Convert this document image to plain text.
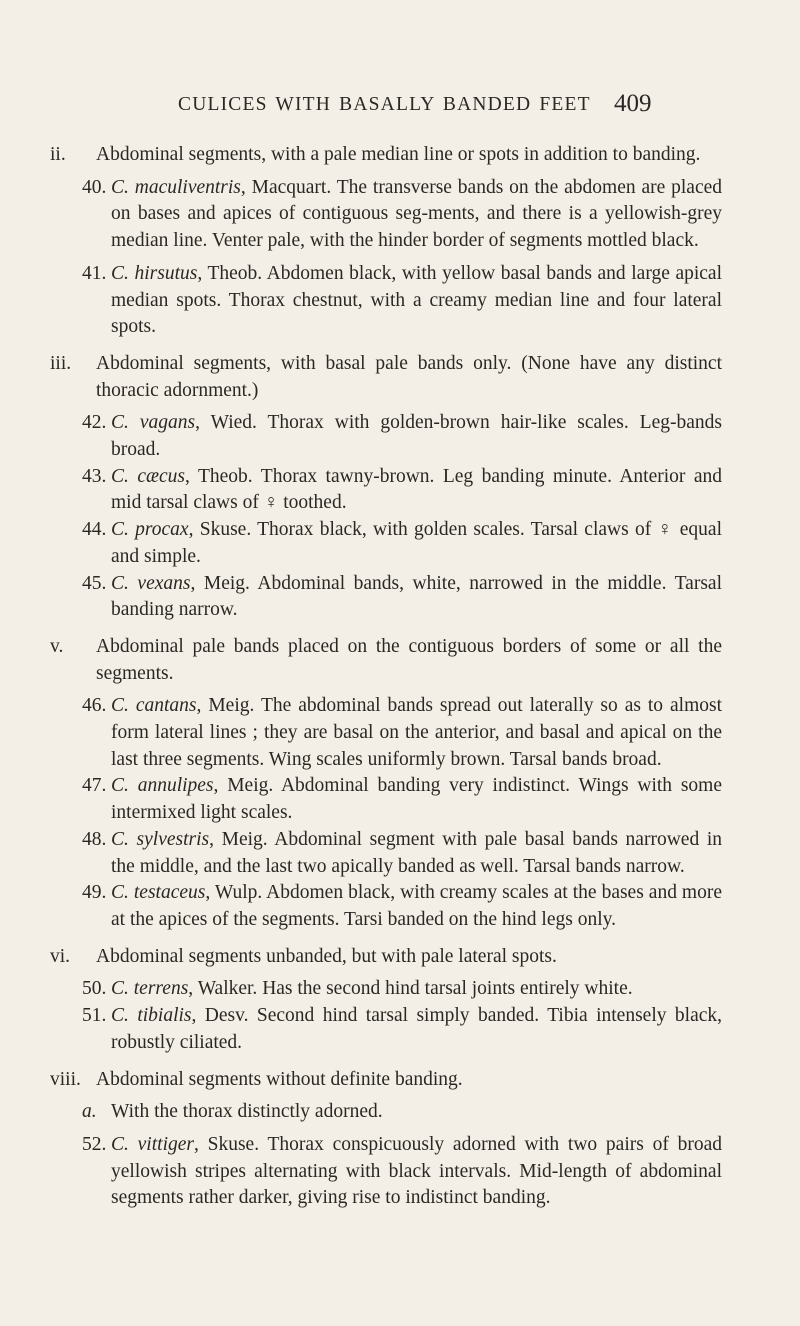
CULICES WITH BASALLY BANDED FEET 409

ii. Abdominal segments, with a pale median line or spots in addition to banding.

40. C. maculiventris, Macquart. The transverse bands on the abdomen are placed on bases and apices of contiguous seg-ments, and there is a yellowish-grey median line. Venter pale, with the hinder border of segments mottled black.

41. C. hirsutus, Theob. Abdomen black, with yellow basal bands and large apical median spots. Thorax chestnut, with a creamy median line and four lateral spots.

iii. Abdominal segments, with basal pale bands only. (None have any distinct thoracic adornment.)

42. C. vagans, Wied. Thorax with golden-brown hair-like scales. Leg-bands broad.

43. C. cæcus, Theob. Thorax tawny-brown. Leg banding minute. Anterior and mid tarsal claws of ♀ toothed.

44. C. procax, Skuse. Thorax black, with golden scales. Tarsal claws of ♀ equal and simple.

45. C. vexans, Meig. Abdominal bands, white, narrowed in the middle. Tarsal banding narrow.

v. Abdominal pale bands placed on the contiguous borders of some or all the segments.

46. C. cantans, Meig. The abdominal bands spread out laterally so as to almost form lateral lines ; they are basal on the anterior, and basal and apical on the last three segments. Wing scales uniformly brown. Tarsal bands broad.

47. C. annulipes, Meig. Abdominal banding very indistinct. Wings with some intermixed light scales.

48. C. sylvestris, Meig. Abdominal segment with pale basal bands narrowed in the middle, and the last two apically banded as well. Tarsal bands narrow.

49. C. testaceus, Wulp. Abdomen black, with creamy scales at the bases and more at the apices of the segments. Tarsi banded on the hind legs only.

vi. Abdominal segments unbanded, but with pale lateral spots.

50. C. terrens, Walker. Has the second hind tarsal joints entirely white.

51. C. tibialis, Desv. Second hind tarsal simply banded. Tibia intensely black, robustly ciliated.

viii. Abdominal segments without definite banding.

a. With the thorax distinctly adorned.

52. C. vittiger, Skuse. Thorax conspicuously adorned with two pairs of broad yellowish stripes alternating with black intervals. Mid-length of abdominal segments rather darker, giving rise to indistinct banding.
